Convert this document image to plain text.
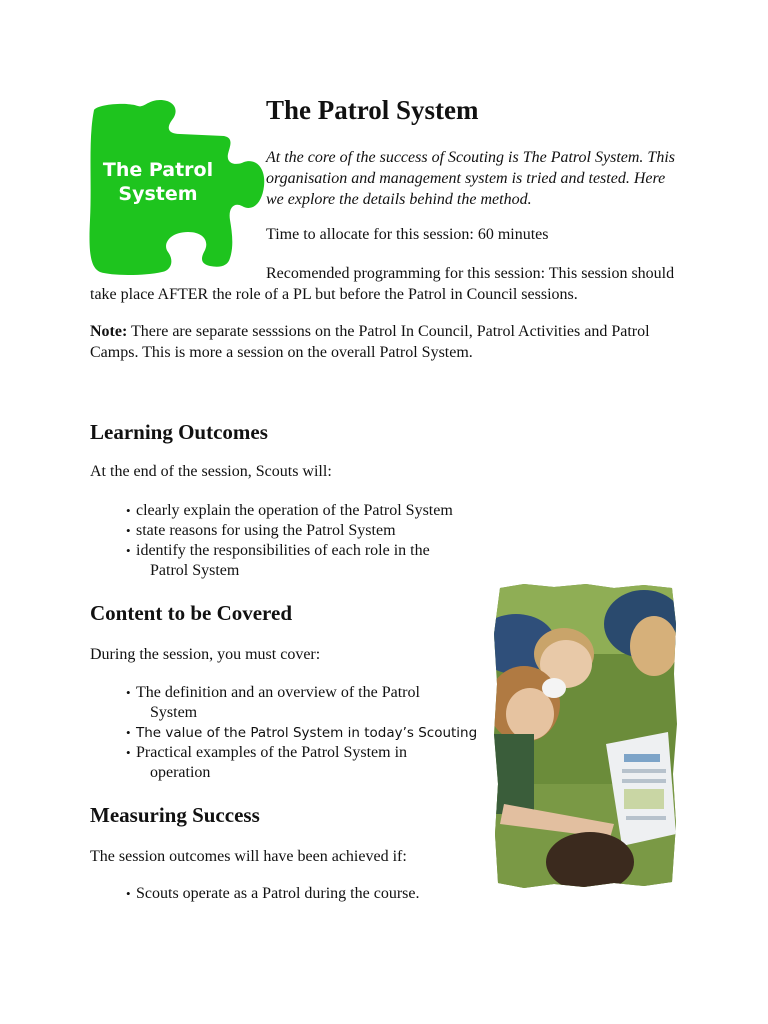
The Patrol
System
The Patrol System

At the core of the success of Scouting is The Patrol System. This organisation and management system is tried and tested. Here we explore the details behind the method.

Time to allocate for this session: 60 minutes

Recomended programming for this session: This session should take place AFTER the role of a PL but before the Patrol in Council sessions.

Note: There are separate sesssions on the Patrol In Council, Patrol Activities and Patrol Camps. This is more a session on the overall Patrol System.

Learning Outcomes

At the end of the session, Scouts will:

• clearly explain the operation of the Patrol System
• state reasons for using the Patrol System
• identify the responsibilities of each role in the
Patrol System
Content to be Covered

During the session, you must cover:

• The definition and an overview of the Patrol
System
• The value of the Patrol System in today’s Scouting
• Practical examples of the Patrol System in
operation
Measuring Success

The session outcomes will have been achieved if:

• Scouts operate as a Patrol during the course.
